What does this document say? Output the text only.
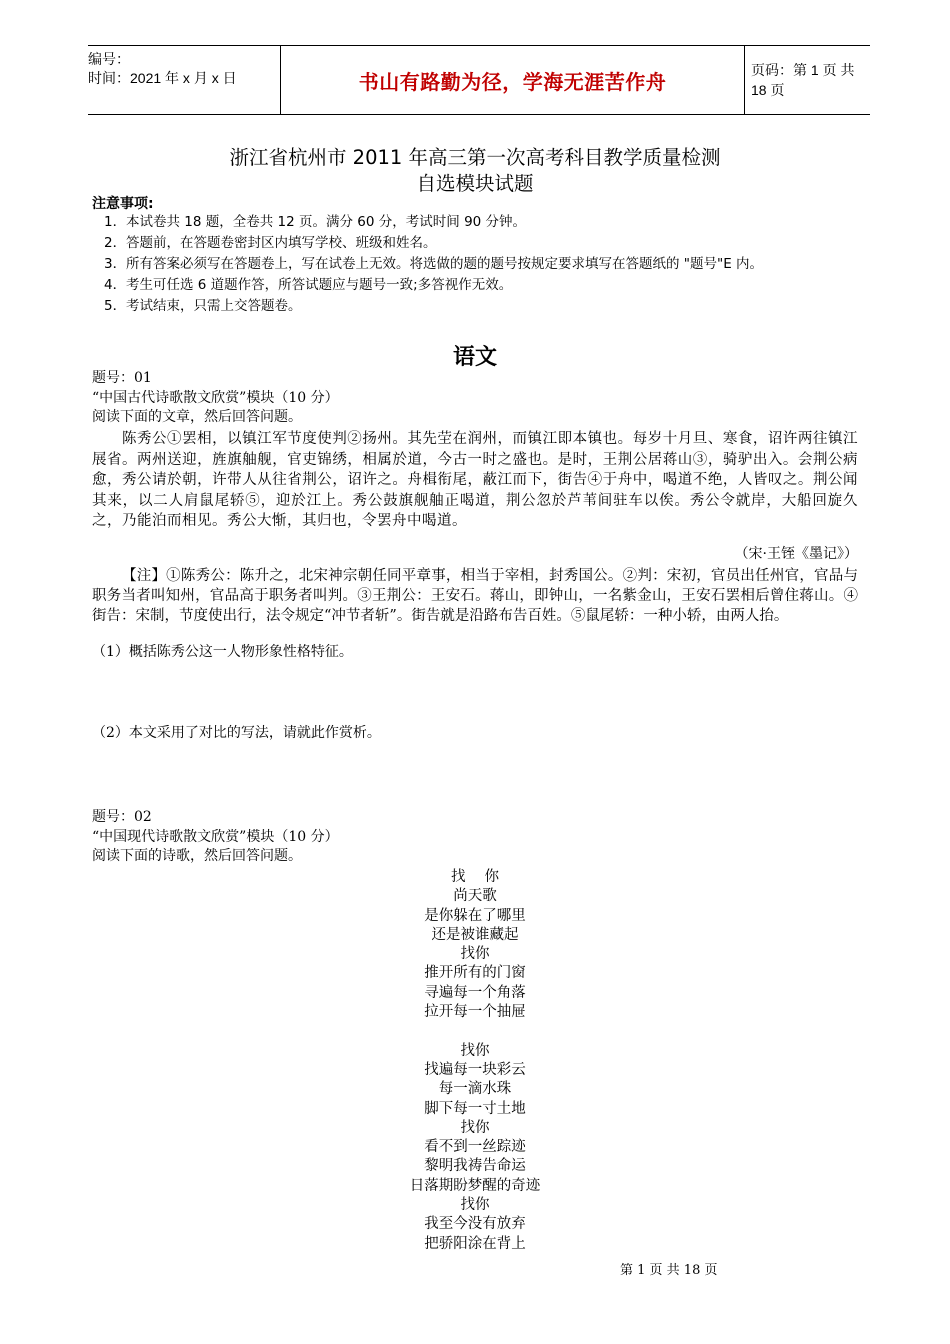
编号：
时间：2021 年 x 月 x 日	书山有路勤为径，学海无涯苦作舟	页码：第 1 页 共 18 页
浙江省杭州市 2011 年高三第一次高考科目教学质量检测
自选模块试题
注意事项:
1． 本试卷共 18 题，全卷共 12 页。满分 60 分，考试时间 90 分钟。
2． 答题前，在答题卷密封区内填写学校、班级和姓名。
3． 所有答案必须写在答题卷上，写在试卷上无效。将选做的题的题号按规定要求填写在答题纸的 "题号"E 内。
4． 考生可任选 6 道题作答，所答试题应与题号一致;多答视作无效。
5． 考试结束，只需上交答题卷。
语文
题号：01
“中国古代诗歌散文欣赏”模块（10 分）
阅读下面的文章，然后回答问题。
陈秀公①罢相，以镇江军节度使判②扬州。其先茔在润州，而镇江即本镇也。每岁十月旦、寒食，诏许两往镇江展省。两州送迎，旌旗舳舰，官吏锦绣，相属於道，今古一时之盛也。是时，王荆公居蒋山③，骑驴出入。会荆公病愈，秀公请於朝，许带人从往省荆公，诏许之。舟楫衔尾，蔽江而下，街告④于舟中，喝道不绝，人皆叹之。荆公闻其来，以二人肩鼠尾轿⑤，迎於江上。秀公鼓旗舰舳正喝道，荆公忽於芦苇间驻车以俟。秀公令就岸，大船回旋久之，乃能泊而相见。秀公大惭，其归也，令罢舟中喝道。
（宋·王铚《墨记》）
【注】①陈秀公：陈升之，北宋神宗朝任同平章事，相当于宰相，封秀国公。②判：宋初，官员出任州官，官品与职务当者叫知州，官品高于职务者叫判。③王荆公：王安石。蒋山，即钟山，一名紫金山，王安石罢相后曾住蒋山。④街告：宋制，节度使出行，法令规定“冲节者斩”。街告就是沿路布告百姓。⑤鼠尾轿：一种小轿，由两人抬。
（1）概括陈秀公这一人物形象性格特征。
（2）本文采用了对比的写法，请就此作赏析。
题号：02
“中国现代诗歌散文欣赏”模块（10 分）
阅读下面的诗歌，然后回答问题。
找　 你
尚天歌
是你躲在了哪里
还是被谁藏起
找你
推开所有的门窗
寻遍每一个角落
拉开每一个抽屉
找你
找遍每一块彩云
每一滴水珠
脚下每一寸土地
找你
看不到一丝踪迹
黎明我祷告命运
日落期盼梦醒的奇迹
找你
我至今没有放弃
把骄阳涂在背上
第 1 页 共 18 页
